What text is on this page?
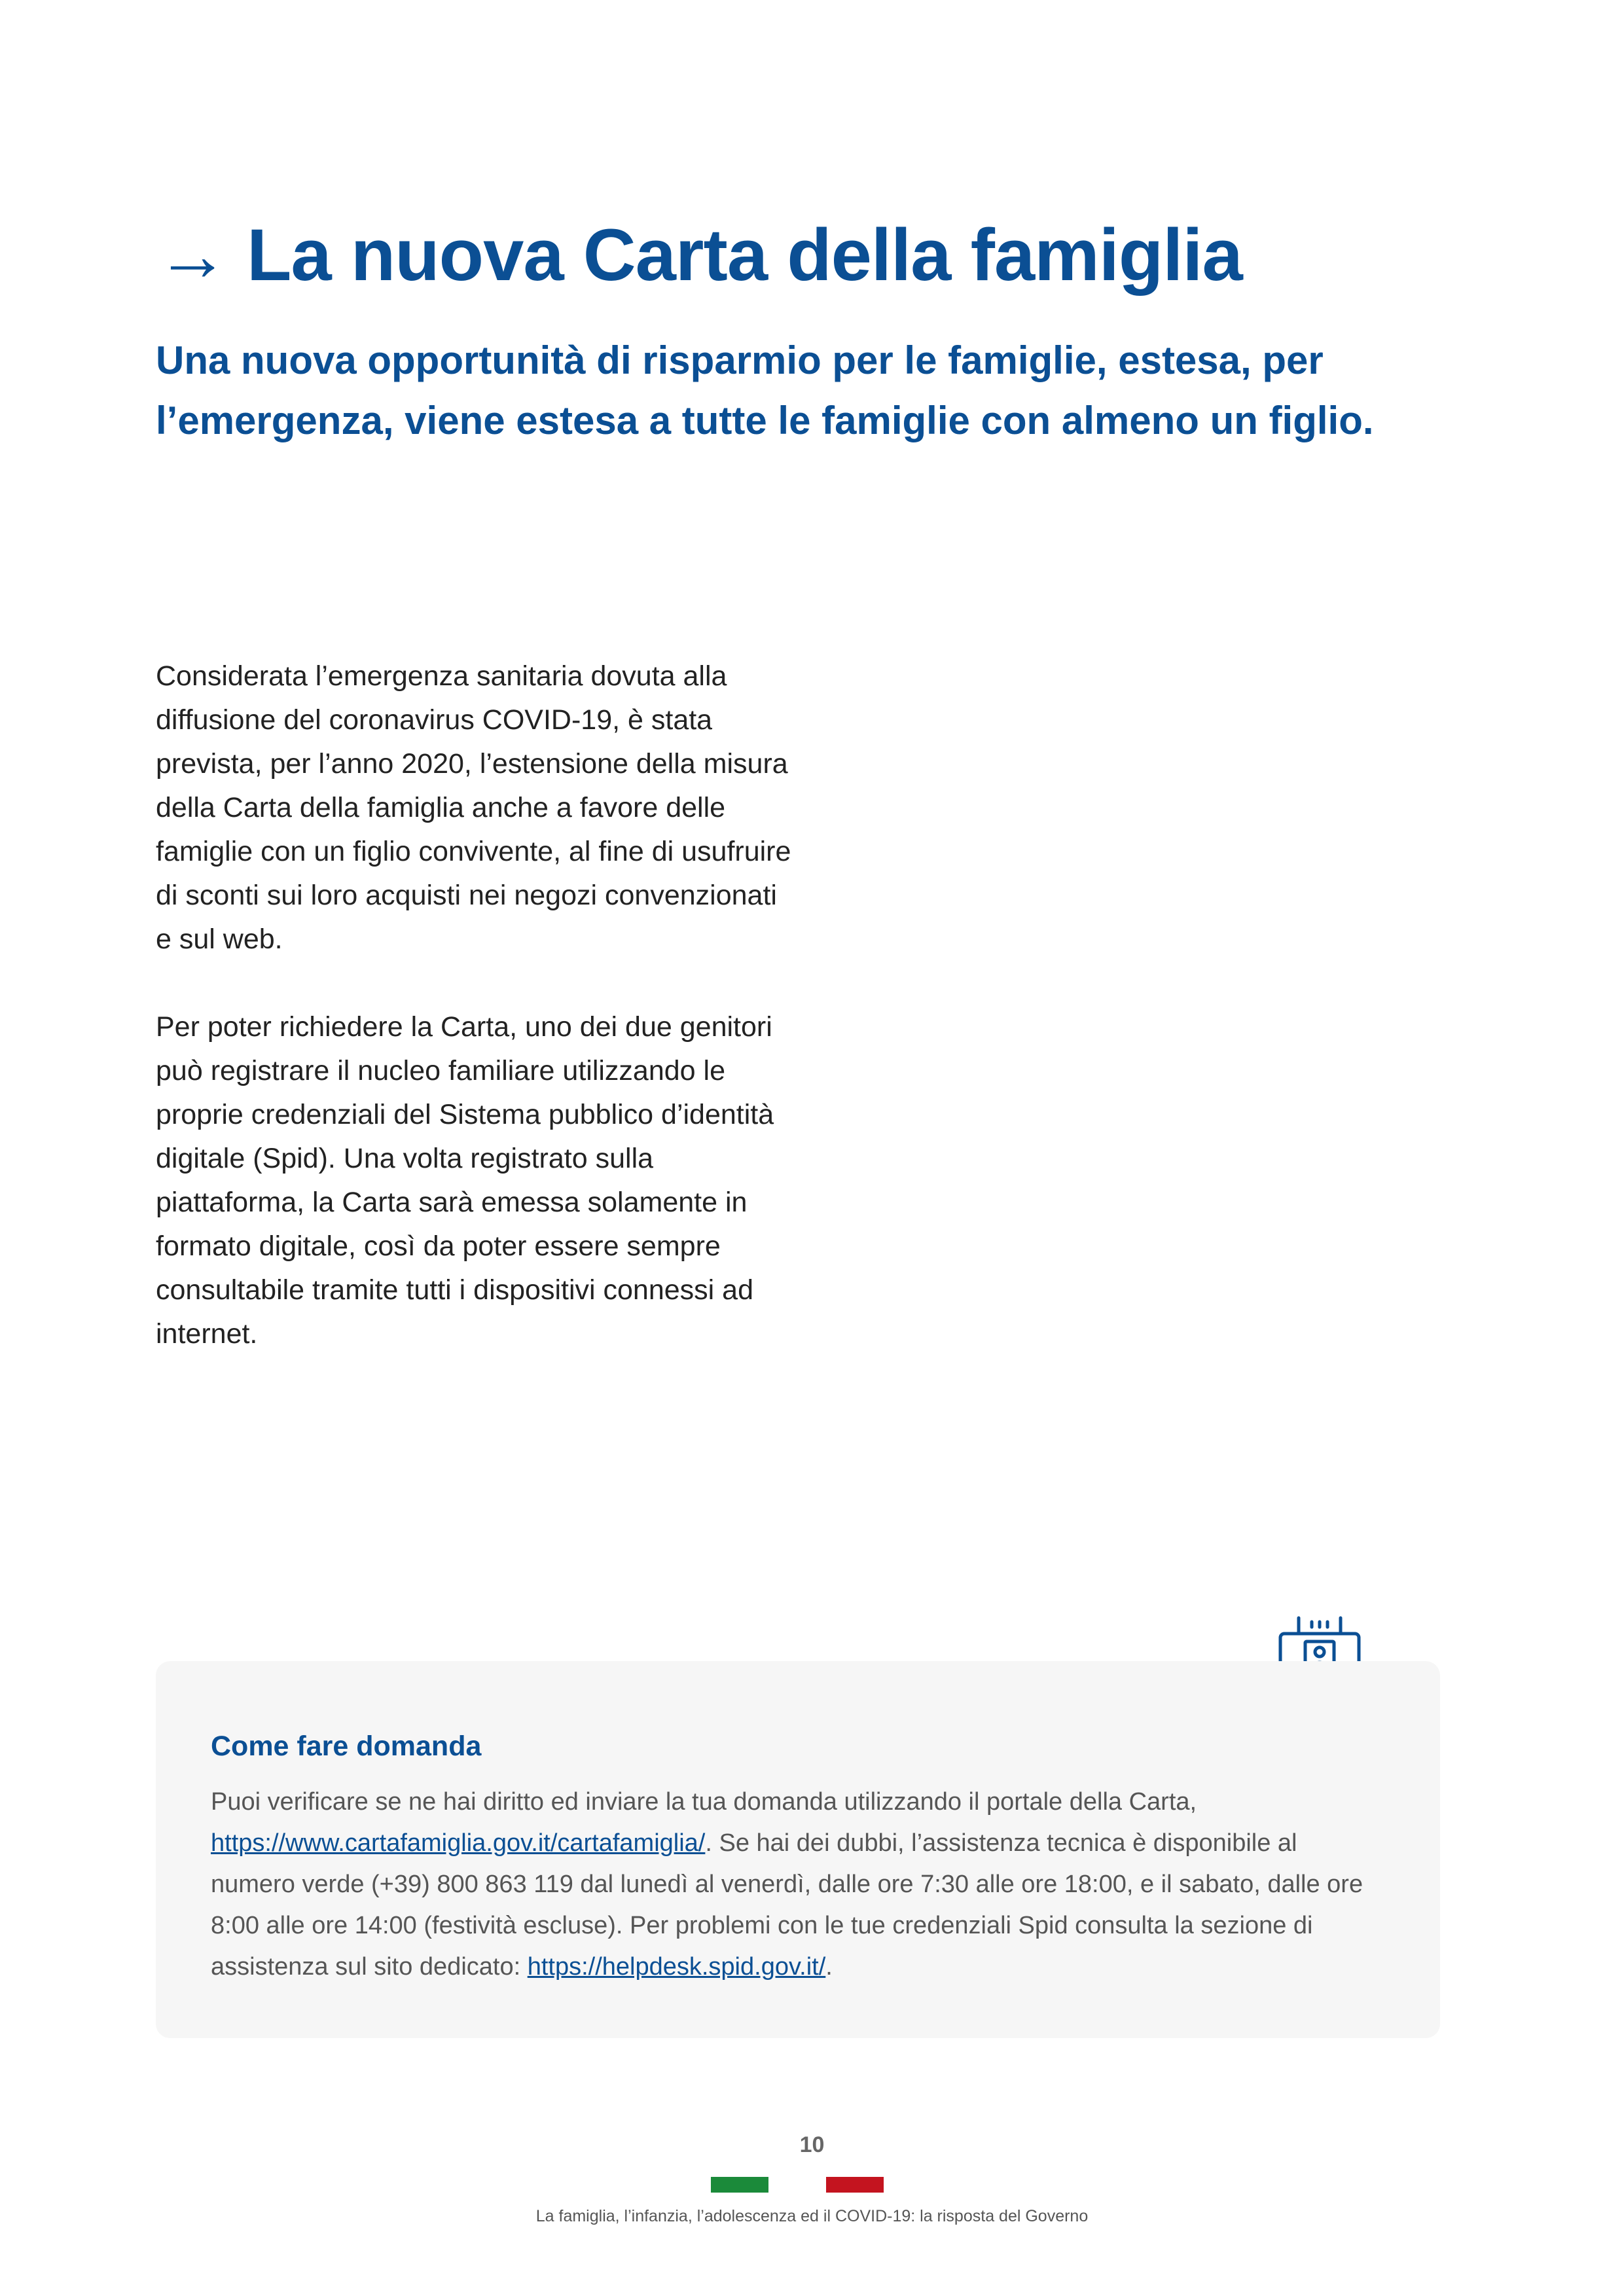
→ La nuova Carta della famiglia

Una nuova opportunità di risparmio per le famiglie, estesa, per l’emergenza, viene estesa a tutte le famiglie con almeno un figlio.

Considerata l’emergenza sanitaria dovuta alla diffusione del coronavirus COVID-19, è stata prevista, per l’anno 2020, l’estensione della misura della Carta della famiglia anche a favore delle famiglie con un figlio convivente, al fine di usufruire di sconti sui loro acquisti nei negozi convenzionati e sul web.

Per poter richiedere la Carta, uno dei due genitori può registrare il nucleo familiare utilizzando le proprie credenziali del Sistema pubblico d’identità digitale (Spid). Una volta registrato sulla piattaforma, la Carta sarà emessa solamente in formato digitale, così da poter essere sempre consultabile tramite tutti i dispositivi connessi ad internet.

Come fare domanda

Puoi verificare se ne hai diritto ed inviare la tua domanda utilizzando il portale della Carta, https://www.cartafamiglia.gov.it/cartafamiglia/. Se hai dei dubbi, l’assistenza tecnica è disponibile al numero verde (+39) 800 863 119 dal lunedì al venerdì, dalle ore 7:30 alle ore 18:00, e il sabato, dalle ore 8:00 alle ore 14:00 (festività escluse). Per problemi con le tue credenziali Spid consulta la sezione di assistenza sul sito dedicato: https://helpdesk.spid.gov.it/.

10
La famiglia, l’infanzia, l’adolescenza ed il COVID-19: la risposta del Governo
